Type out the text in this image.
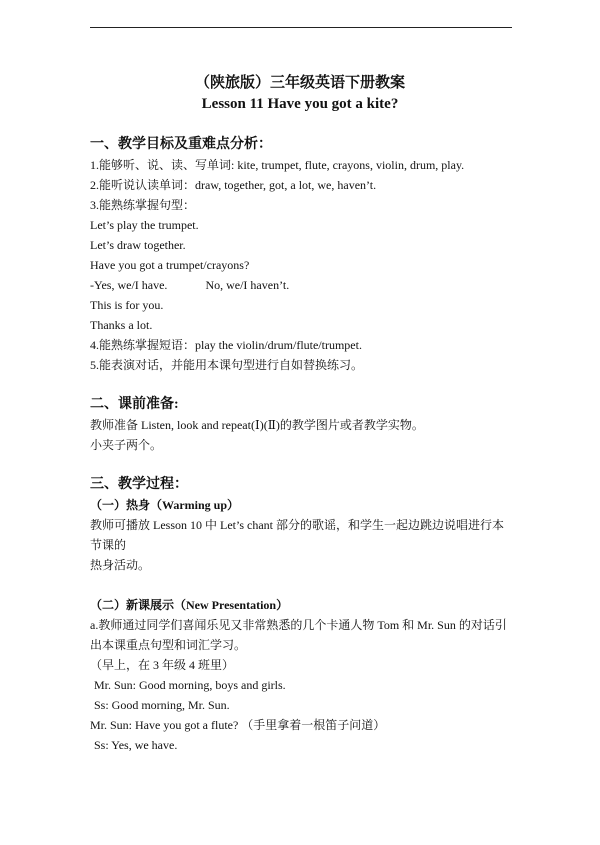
（陕旅版）三年级英语下册教案
Lesson 11 Have you got a kite?
一、教学目标及重难点分析：
1.能够听、说、读、写单词: kite, trumpet, flute, crayons, violin, drum, play.
2.能听说认读单词：draw, together, got, a lot, we, haven’t.
3.能熟练掌握句型：
Let’s play the trumpet.
Let’s draw together.
Have you got a trumpet/crayons?
-Yes, we/I have.	No, we/I haven’t.
This is for you.
Thanks a lot.
4.能熟练掌握短语：play the violin/drum/flute/trumpet.
5.能表演对话，并能用本课句型进行自如替换练习。
二、课前准备:
教师准备 Listen, look and repeat(Ⅰ)(Ⅱ)的教学图片或者教学实物。
小夹子两个。
三、教学过程：
（一）热身（Warming up）
教师可播放 Lesson 10 中 Let’s chant 部分的歌谣，和学生一起边跳边说唱进行本
节课的
热身活动。
（二）新课展示（New Presentation）
a.教师通过同学们喜闻乐见又非常熟悉的几个卡通人物 Tom 和 Mr. Sun 的对话引
出本课重点句型和词汇学习。
（早上，在 3 年级 4 班里）
Mr. Sun: Good morning, boys and girls.
Ss: Good morning, Mr. Sun.
Mr. Sun: Have you got a flute? （手里拿着一根笛子问道）
Ss: Yes, we have.
